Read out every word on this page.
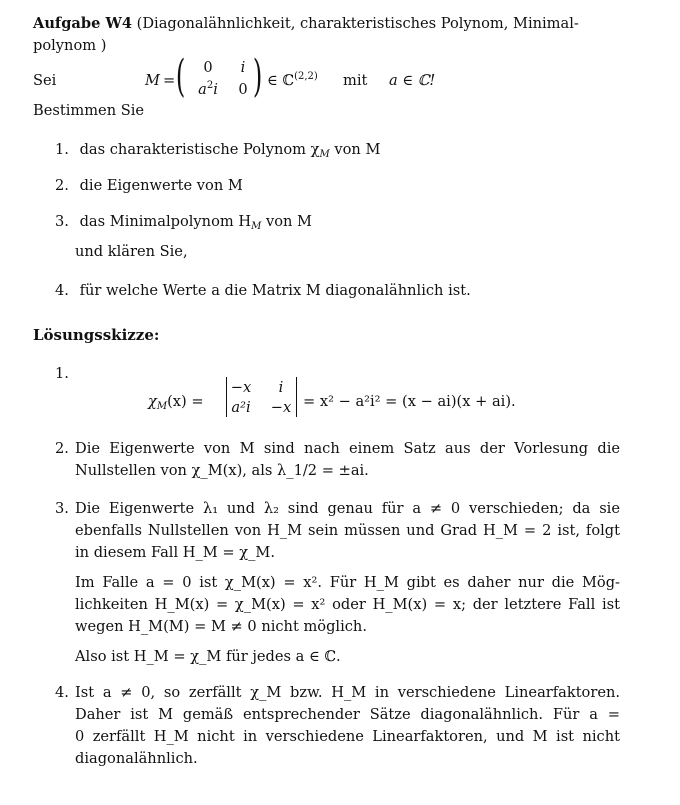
Aufgabe W4 (Diagonalähnlichkeit, charakteristisches Polynom, Minimal-
polynom )
Sei	M = (	0	i
$a^2i$	0 ) ∈ ℂ$^{(2,2)}$ mit a ∈ ℂ!
Bestimmen Sie
1. das charakteristische Polynom $\chi_M$ von M
2. die Eigenwerte von M
3. das Minimalpolynom $H_M$ von M
und klären Sie,
4. für welche Werte a die Matrix M diagonalähnlich ist.
Lösungsskizze:
1.
$\chi_M(x)$ =
−x	i
a²i	−x = x² − a²i² = (x − ai)(x + ai).
2. Die Eigenwerte von M sind nach einem Satz aus der Vorlesung die
Nullstellen von χ_M(x), als λ_1/2 = ±ai.
3. Die Eigenwerte λ₁ und λ₂ sind genau für a ≠ 0 verschieden; da sie
ebenfalls Nullstellen von H_M sein müssen und Grad H_M = 2 ist, folgt
in diesem Fall H_M = χ_M.
Im Falle a = 0 ist χ_M(x) = x². Für H_M gibt es daher nur die Mög-
lichkeiten H_M(x) = χ_M(x) = x² oder H_M(x) = x; der letztere Fall ist
wegen H_M(M) = M ≠ 0 nicht möglich.
Also ist H_M = χ_M für jedes a ∈ ℂ.
4. Ist a ≠ 0, so zerfällt χ_M bzw. H_M in verschiedene Linearfaktoren.
Daher ist M gemäß entsprechender Sätze diagonalähnlich. Für a =
0 zerfällt H_M nicht in verschiedene Linearfaktoren, und M ist nicht
diagonalähnlich.
